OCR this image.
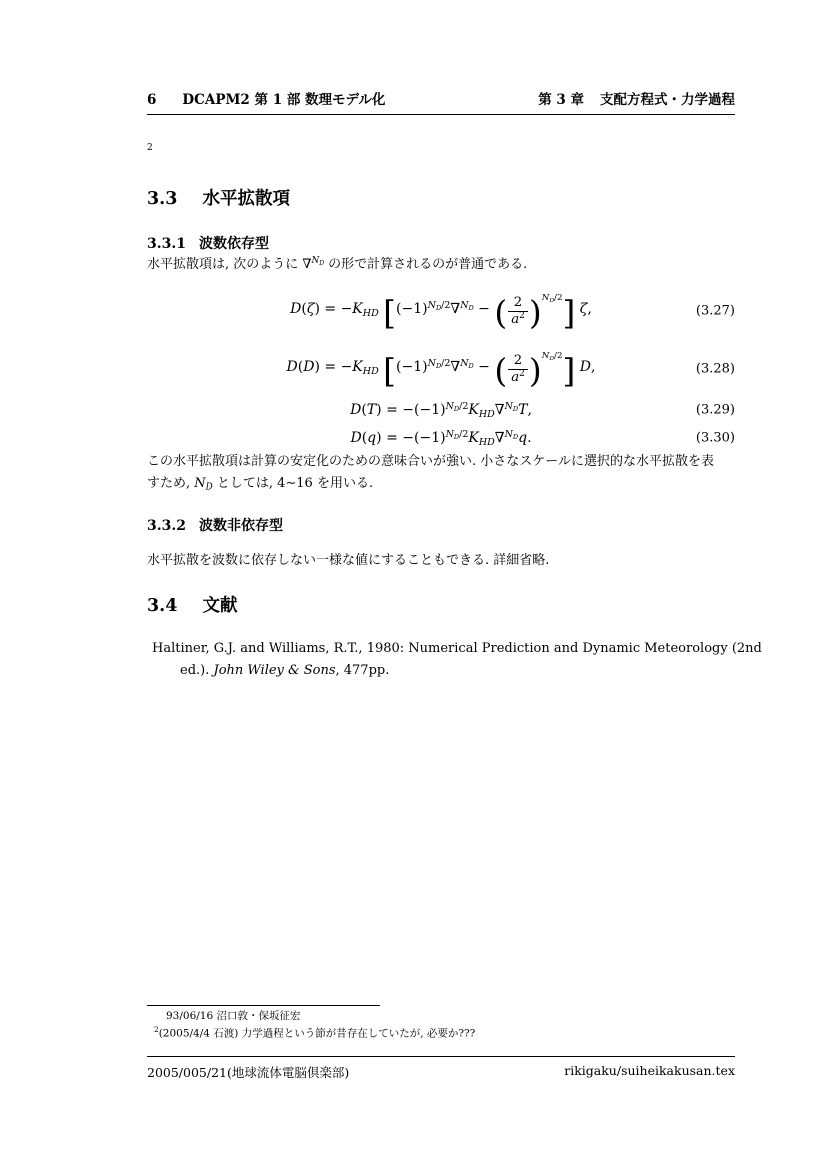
6 DCAPM2 第 1 部 数理モデル化	第 3 章 支配方程式・力学過程
2
3.3 水平拡散項
3.3.1 波数依存型
水平拡散項は, 次のように ∇$^{N_D}$ の形で計算されるのが普通である.
$D(\zeta) = -K_{HD}$ [$(-1)^{N_D/2}\nabla^{N_D}$ − ( $\frac{2}{a^2} )^{N_D/2}$] ζ,	(3.27)
$D(D) = -K_{HD}$ [$(-1)^{N_D/2}\nabla^{N_D}$ − ( $\frac{2}{a^2} )^{N_D/2}$] D,	(3.28)
$D(T) = -(-1)^{N_D/2}K_{HD}\nabla^{N_D}T$,	(3.29)
$D(q) = -(-1)^{N_D/2}K_{HD}\nabla^{N_D}q$.	(3.30)
この水平拡散項は計算の安定化のための意味合いが強い. 小さなスケールに選択的な水平拡散を表
すため, $N_D$ としては, 4∼16 を用いる.
3.3.2 波数非依存型
水平拡散を波数に依存しない一様な値にすることもできる. 詳細省略.
3.4 文献
Haltiner, G.J. and Williams, R.T., 1980: Numerical Prediction and Dynamic Meteorology (2nd
ed.). John Wiley & Sons, 477pp.
93/06/16 沼口敦・保坂征宏
$^2$(2005/4/4 石渡) 力学過程という節が昔存在していたが, 必要か???
2005/005/21(地球流体電脳倶楽部)	rikigaku/suiheikakusan.tex
